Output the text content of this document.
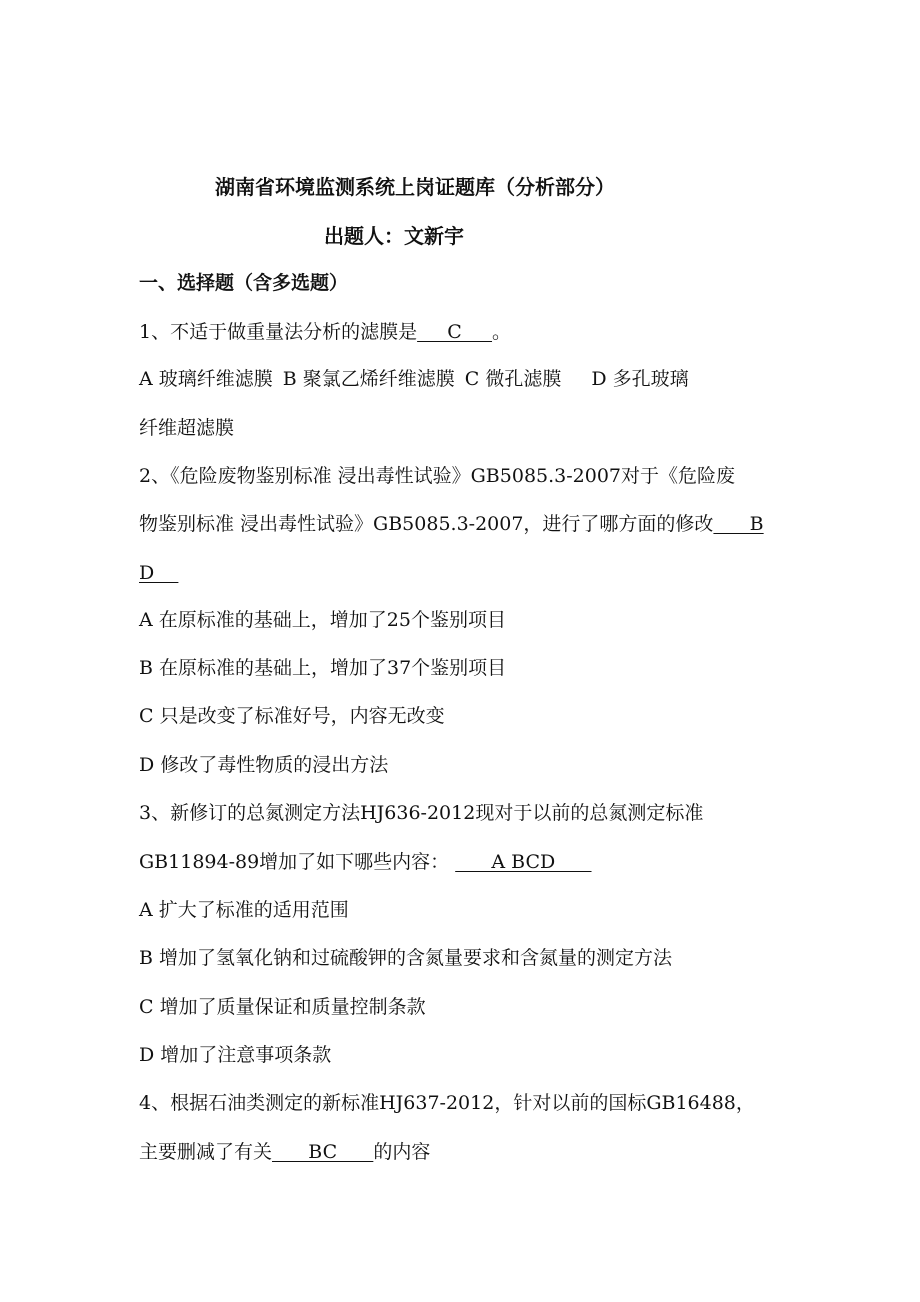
湖南省环境监测系统上岗证题库（分析部分）
出题人：文新宇
一、选择题（含多选题）
1、不适于做重量法分析的滤膜是     C     。
A 玻璃纤维滤膜 B 聚氯乙烯纤维滤膜 C 微孔滤膜 D 多孔玻璃
纤维超滤膜
2、《危险废物鉴别标准 浸出毒性试验》GB5085.3-2007对于《危险废
物鉴别标准 浸出毒性试验》GB5085.3-2007，进行了哪方面的修改      B
D
A 在原标准的基础上，增加了25个鉴别项目
B 在原标准的基础上，增加了37个鉴别项目
C 只是改变了标准好号，内容无改变
D 修改了毒性物质的浸出方法
3、新修订的总氮测定方法HJ636-2012现对于以前的总氮测定标准
GB11894-89增加了如下哪些内容：      A BCD
A 扩大了标准的适用范围
B 增加了氢氧化钠和过硫酸钾的含氮量要求和含氮量的测定方法
C 增加了质量保证和质量控制条款
D 增加了注意事项条款
4、根据石油类测定的新标准HJ637-2012，针对以前的国标GB16488，
主要删减了有关      BC      的内容
